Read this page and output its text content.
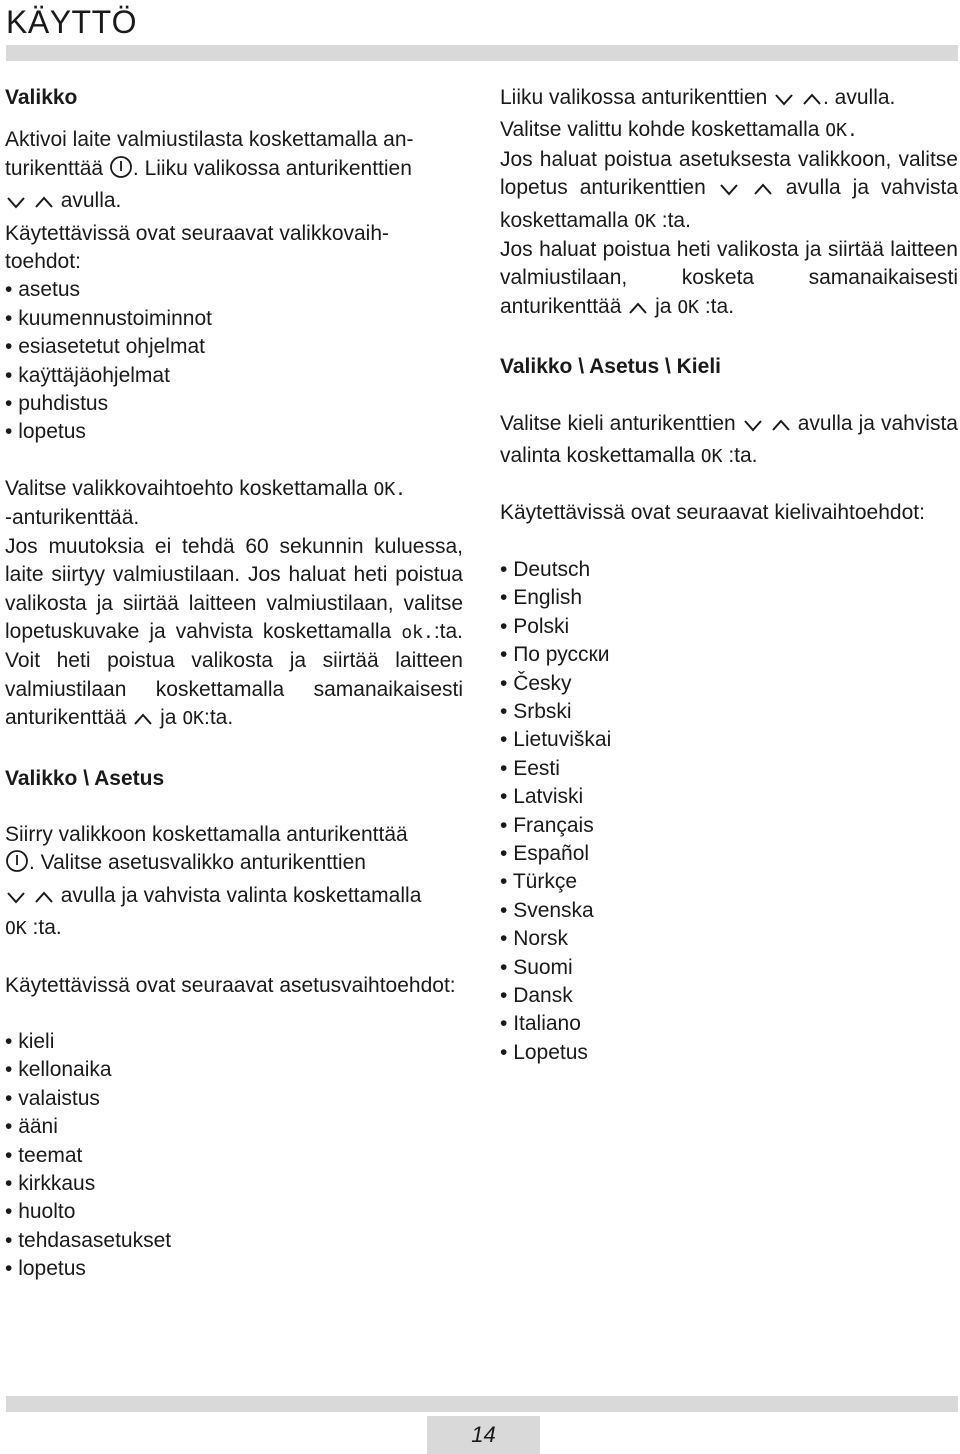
KÄYTTÖ

Valikko

Aktivoi laite valmiustilasta koskettamalla an-
turikenttää . Liiku valikossa anturikenttien
avulla.
Käytettävissä ovat seuraavat valikkovaih-
toehdot:

• asetus
• kuumennustoiminnot
• esiasetetut ohjelmat
• kaÿttäjäohjelmat
• puhdistus
• lopetus

Valitse valikkovaihtoehto koskettamalla OK.
-anturikenttää.
Jos muutoksia ei tehdä 60 sekunnin kuluessa, laite siirtyy valmiustilaan. Jos haluat heti poistua valikosta ja siirtää laitteen valmiustilaan, valitse lopetuskuvake ja vahvista koskettamalla ok.:ta. Voit heti poistua valikosta ja siirtää laitteen valmiustilaan koskettamalla samanaikaisesti anturikenttää ja OK:ta.

Valikko \ Asetus

Siirry valikkoon koskettamalla anturikenttää
. Valitse asetusvalikko anturikenttien
avulla ja vahvista valinta koskettamalla
OK :ta.

Käytettävissä ovat seuraavat asetusvaihtoehdot:

• kieli
• kellonaika
• valaistus
• ääni
• teemat
• kirkkaus
• huolto
• tehdasasetukset
• lopetus

Liiku valikossa anturikenttien	. avulla.
Valitse valittu kohde koskettamalla OK.
Jos haluat poistua asetuksesta valikkoon, valitse lopetus anturikenttien	avulla ja vahvista koskettamalla OK :ta.
Jos haluat poistua heti valikosta ja siirtää laitteen valmiustilaan, kosketa samanaikaisesti anturikenttää ja OK :ta.

Valikko \ Asetus \ Kieli

Valitse kieli anturikenttien	avulla ja vahvista valinta koskettamalla OK :ta.

Käytettävissä ovat seuraavat kielivaihtoehdot:

• Deutsch
• English
• Polski
• По русски
• Česky
• Srbski
• Lietuviškai
• Eesti
• Latviski
• Français
• Español
• Türkçe
• Svenska
• Norsk
• Suomi
• Dansk
• Italiano
• Lopetus
14
